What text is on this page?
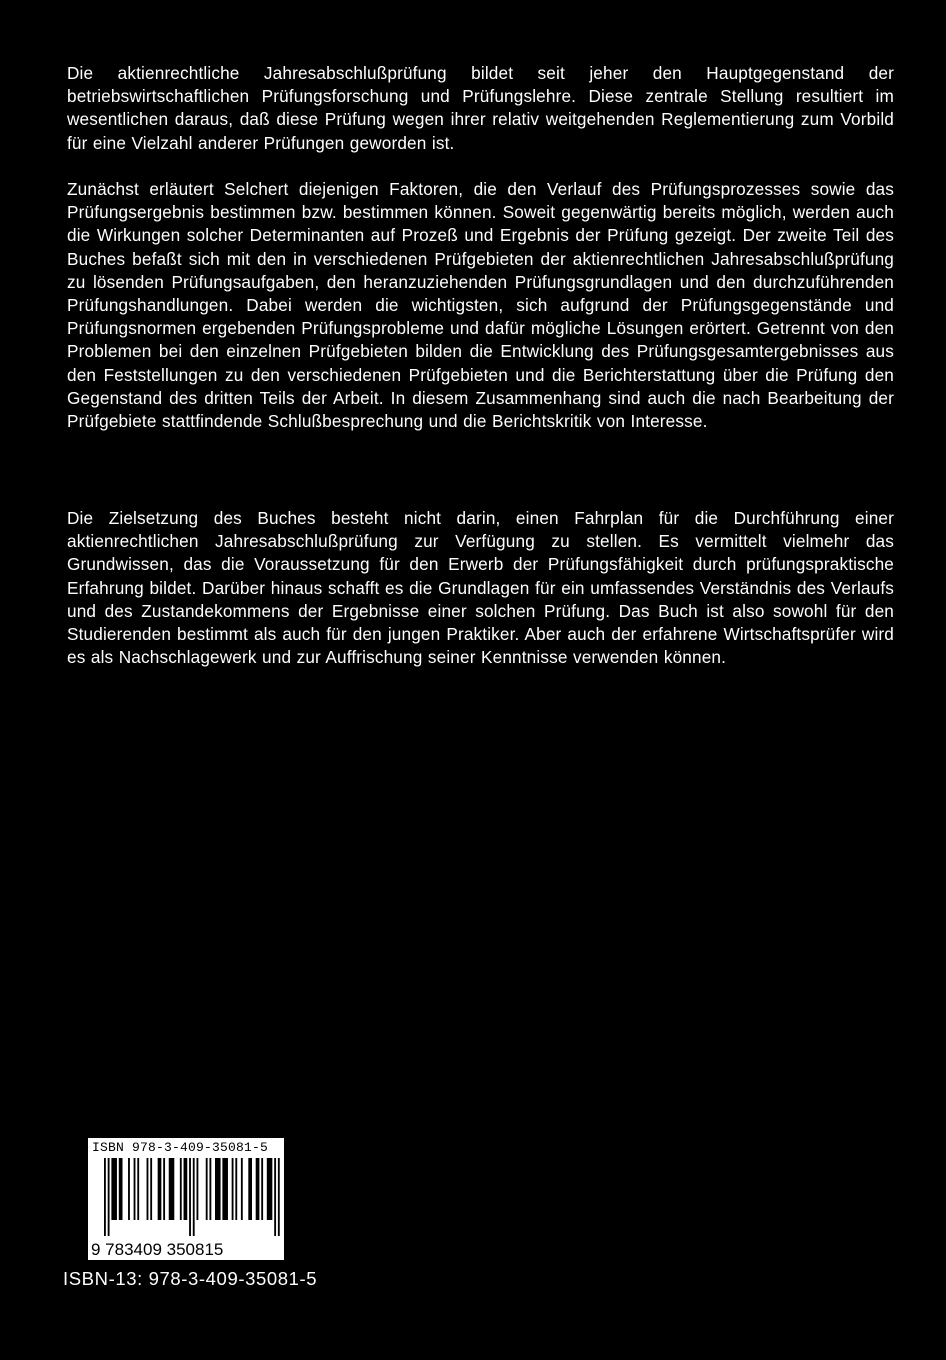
Die aktienrechtliche Jahresabschlußprüfung bildet seit jeher den Hauptgegenstand der betriebswirtschaftlichen Prüfungsforschung und Prüfungslehre. Diese zentrale Stellung resultiert im wesentlichen daraus, daß diese Prüfung wegen ihrer relativ weitgehenden Reglementierung zum Vorbild für eine Vielzahl anderer Prüfungen geworden ist.

Zunächst erläutert Selchert diejenigen Faktoren, die den Verlauf des Prüfungsprozesses sowie das Prüfungsergebnis bestimmen bzw. bestimmen können. Soweit gegenwärtig bereits möglich, werden auch die Wirkungen solcher Determinanten auf Prozeß und Ergebnis der Prüfung gezeigt. Der zweite Teil des Buches befaßt sich mit den in verschiedenen Prüfgebieten der aktienrechtlichen Jahresabschlußprüfung zu lösenden Prüfungsaufgaben, den heranzuziehenden Prüfungsgrundlagen und den durchzuführenden Prüfungshandlungen. Dabei werden die wichtigsten, sich aufgrund der Prüfungsgegenstände und Prüfungsnormen ergebenden Prüfungsprobleme und dafür mögliche Lösungen erörtert. Getrennt von den Problemen bei den einzelnen Prüfgebieten bilden die Entwicklung des Prüfungsgesamtergebnisses aus den Feststellungen zu den verschiedenen Prüfgebieten und die Berichterstattung über die Prüfung den Gegenstand des dritten Teils der Arbeit. In diesem Zusammenhang sind auch die nach Bearbeitung der Prüfgebiete stattfindende Schlußbesprechung und die Berichtskritik von Interesse.

Die Zielsetzung des Buches besteht nicht darin, einen Fahrplan für die Durchführung einer aktienrechtlichen Jahresabschlußprüfung zur Verfügung zu stellen. Es vermittelt vielmehr das Grundwissen, das die Voraussetzung für den Erwerb der Prüfungsfähigkeit durch prüfungspraktische Erfahrung bildet. Darüber hinaus schafft es die Grundlagen für ein umfassendes Verständnis des Verlaufs und des Zustandekommens der Ergebnisse einer solchen Prüfung. Das Buch ist also sowohl für den Studierenden bestimmt als auch für den jungen Praktiker. Aber auch der erfahrene Wirtschaftsprüfer wird es als Nachschlagewerk und zur Auffrischung seiner Kenntnisse verwenden können.

ISBN 978-3-409-35081-5
9 783409 350815
ISBN-13: 978-3-409-35081-5
